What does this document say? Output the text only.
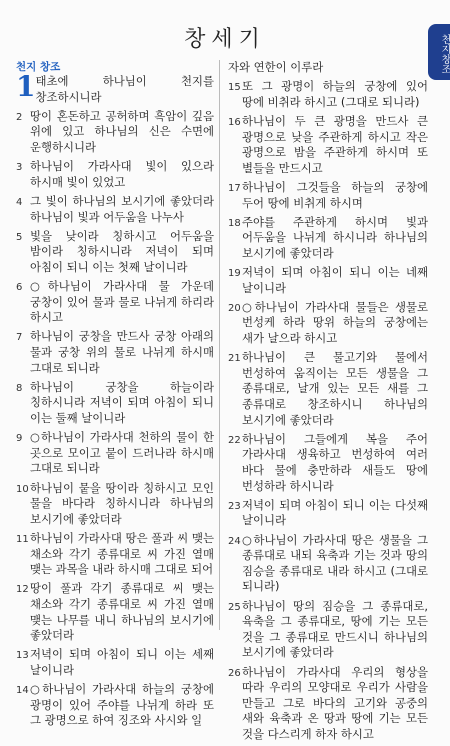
창세기	천지창조
천지 창조
1 태초에 하나님이 천지를 창조하시니라
2 땅이 혼돈하고 공허하며 흑암이 깊음 위에 있고 하나님의 신은 수면에 운행하시니라
3 하나님이 가라사대 빛이 있으라 하시매 빛이 있었고
4 그 빛이 하나님의 보시기에 좋았더라 하나님이 빛과 어두움을 나누사
5 빛을 낮이라 칭하시고 어두움을 밤이라 칭하시니라 저녁이 되며 아침이 되니 이는 첫째 날이니라
6 ○하나님이 가라사대 물 가운데 궁창이 있어 물과 물로 나뉘게 하리라 하시고
7 하나님이 궁창을 만드사 궁창 아래의 물과 궁창 위의 물로 나뉘게 하시매 그대로 되니라
8 하나님이 궁창을 하늘이라 칭하시니라 저녁이 되며 아침이 되니 이는 둘째 날이니라
9 ○하나님이 가라사대 천하의 물이 한 곳으로 모이고 뭍이 드러나라 하시매 그대로 되니라
10 하나님이 뭍을 땅이라 칭하시고 모인 물을 바다라 칭하시니라 하나님의 보시기에 좋았더라
11 하나님이 가라사대 땅은 풀과 씨 맺는 채소와 각기 종류대로 씨 가진 열매 맺는 과목을 내라 하시매 그대로 되어
12 땅이 풀과 각기 종류대로 씨 맺는 채소와 각기 종류대로 씨 가진 열매 맺는 나무를 내니 하나님의 보시기에 좋았더라
13 저녁이 되며 아침이 되니 이는 세째 날이니라
14 ○하나님이 가라사대 하늘의 궁창에 광명이 있어 주야를 나뉘게 하라 또 그 광명으로 하여 징조와 사시와 일
자와 연한이 이루라
15 또 그 광명이 하늘의 궁창에 있어 땅에 비취라 하시고 (그대로 되니라)
16 하나님이 두 큰 광명을 만드사 큰 광명으로 낮을 주관하게 하시고 작은 광명으로 밤을 주관하게 하시며 또 별들을 만드시고
17 하나님이 그것들을 하늘의 궁창에 두어 땅에 비취게 하시며
18 주야를 주관하게 하시며 빛과 어두움을 나뉘게 하시니라 하나님의 보시기에 좋았더라
19 저녁이 되며 아침이 되니 이는 네째 날이니라
20 ○하나님이 가라사대 물들은 생물로 번성케 하라 땅위 하늘의 궁창에는 새가 날으라 하시고
21 하나님이 큰 물고기와 물에서 번성하여 움직이는 모든 생물을 그 종류대로, 날개 있는 모든 새를 그 종류대로 창조하시니 하나님의 보시기에 좋았더라
22 하나님이 그들에게 복을 주어 가라사대 생육하고 번성하여 여러 바다 물에 충만하라 새들도 땅에 번성하라 하시니라
23 저녁이 되며 아침이 되니 이는 다섯째 날이니라
24 ○하나님이 가라사대 땅은 생물을 그 종류대로 내되 육축과 기는 것과 땅의 짐승을 종류대로 내라 하시고 (그대로 되니라)
25 하나님이 땅의 짐승을 그 종류대로, 육축을 그 종류대로, 땅에 기는 모든 것을 그 종류대로 만드시니 하나님의 보시기에 좋았더라
26 하나님이 가라사대 우리의 형상을 따라 우리의 모양대로 우리가 사람을 만들고 그로 바다의 고기와 공중의 새와 육축과 온 땅과 땅에 기는 모든 것을 다스리게 하자 하시고
